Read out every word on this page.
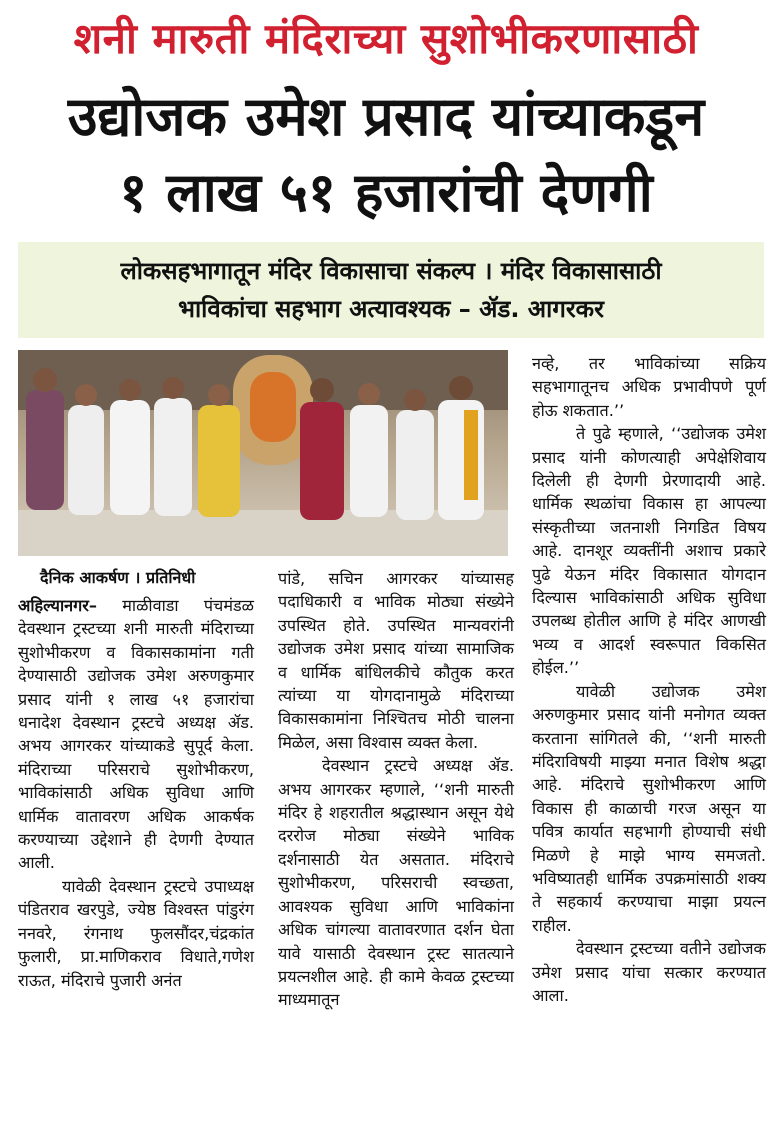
शनी मारुती मंदिराच्या सुशोभीकरणासाठी
उद्योजक उमेश प्रसाद यांच्याकडून
१ लाख ५१ हजारांची देणगी
लोकसहभागातून मंदिर विकासाचा संकल्प । मंदिर विकासासाठी
भाविकांचा सहभाग अत्यावश्यक – ॲड. आगरकर
दैनिक आकर्षण । प्रतिनिधी

अहिल्यानगर– माळीवाडा पंचमंडळ देवस्थान ट्रस्टच्या शनी मारुती मंदिराच्या सुशोभीकरण व विकासकामांना गती देण्यासाठी उद्योजक उमेश अरुणकुमार प्रसाद यांनी १ लाख ५१ हजारांचा धनादेश देवस्थान ट्रस्टचे अध्यक्ष ॲड. अभय आगरकर यांच्याकडे सुपूर्द केला. मंदिराच्या परिसराचे सुशोभीकरण, भाविकांसाठी अधिक सुविधा आणि धार्मिक वातावरण अधिक आकर्षक करण्याच्या उद्देशाने ही देणगी देण्यात आली.

यावेळी देवस्थान ट्रस्टचे उपाध्यक्ष पंडितराव खरपुडे, ज्येष्ठ विश्वस्त पांडुरंग ननवरे, रंगनाथ फुलसौंदर,चंद्रकांत फुलारी, प्रा.माणिकराव विधाते,गणेश राऊत, मंदिराचे पुजारी अनंत

पांडे, सचिन आगरकर यांच्यासह पदाधिकारी व भाविक मोठ्या संख्येने उपस्थित होते. उपस्थित मान्यवरांनी उद्योजक उमेश प्रसाद यांच्या सामाजिक व धार्मिक बांधिलकीचे कौतुक करत त्यांच्या या योगदानामुळे मंदिराच्या विकासकामांना निश्चितच मोठी चालना मिळेल, असा विश्वास व्यक्त केला.

देवस्थान ट्रस्टचे अध्यक्ष ॲड. अभय आगरकर म्हणाले, ‘‘शनी मारुती मंदिर हे शहरातील श्रद्धास्थान असून येथे दररोज मोठ्या संख्येने भाविक दर्शनासाठी येत असतात. मंदिराचे सुशोभीकरण, परिसराची स्वच्छता, आवश्यक सुविधा आणि भाविकांना अधिक चांगल्या वातावरणात दर्शन घेता यावे यासाठी देवस्थान ट्रस्ट सातत्याने प्रयत्नशील आहे. ही कामे केवळ ट्रस्टच्या माध्यमातून

नव्हे, तर भाविकांच्या सक्रिय सहभागातूनच अधिक प्रभावीपणे पूर्ण होऊ शकतात.’’

ते पुढे म्हणाले, ‘‘उद्योजक उमेश प्रसाद यांनी कोणत्याही अपेक्षेशिवाय दिलेली ही देणगी प्रेरणादायी आहे. धार्मिक स्थळांचा विकास हा आपल्या संस्कृतीच्या जतनाशी निगडित विषय आहे. दानशूर व्यक्तींनी अशाच प्रकारे पुढे येऊन मंदिर विकासात योगदान दिल्यास भाविकांसाठी अधिक सुविधा उपलब्ध होतील आणि हे मंदिर आणखी भव्य व आदर्श स्वरूपात विकसित होईल.’’

यावेळी उद्योजक उमेश अरुणकुमार प्रसाद यांनी मनोगत व्यक्त करताना सांगितले की, ‘‘शनी मारुती मंदिराविषयी माझ्या मनात विशेष श्रद्धा आहे. मंदिराचे सुशोभीकरण आणि विकास ही काळाची गरज असून या पवित्र कार्यात सहभागी होण्याची संधी मिळणे हे माझे भाग्य समजतो. भविष्यातही धार्मिक उपक्रमांसाठी शक्य ते सहकार्य करण्याचा माझा प्रयत्न राहील.

देवस्थान ट्रस्टच्या वतीने उद्योजक उमेश प्रसाद यांचा सत्कार करण्यात आला.
